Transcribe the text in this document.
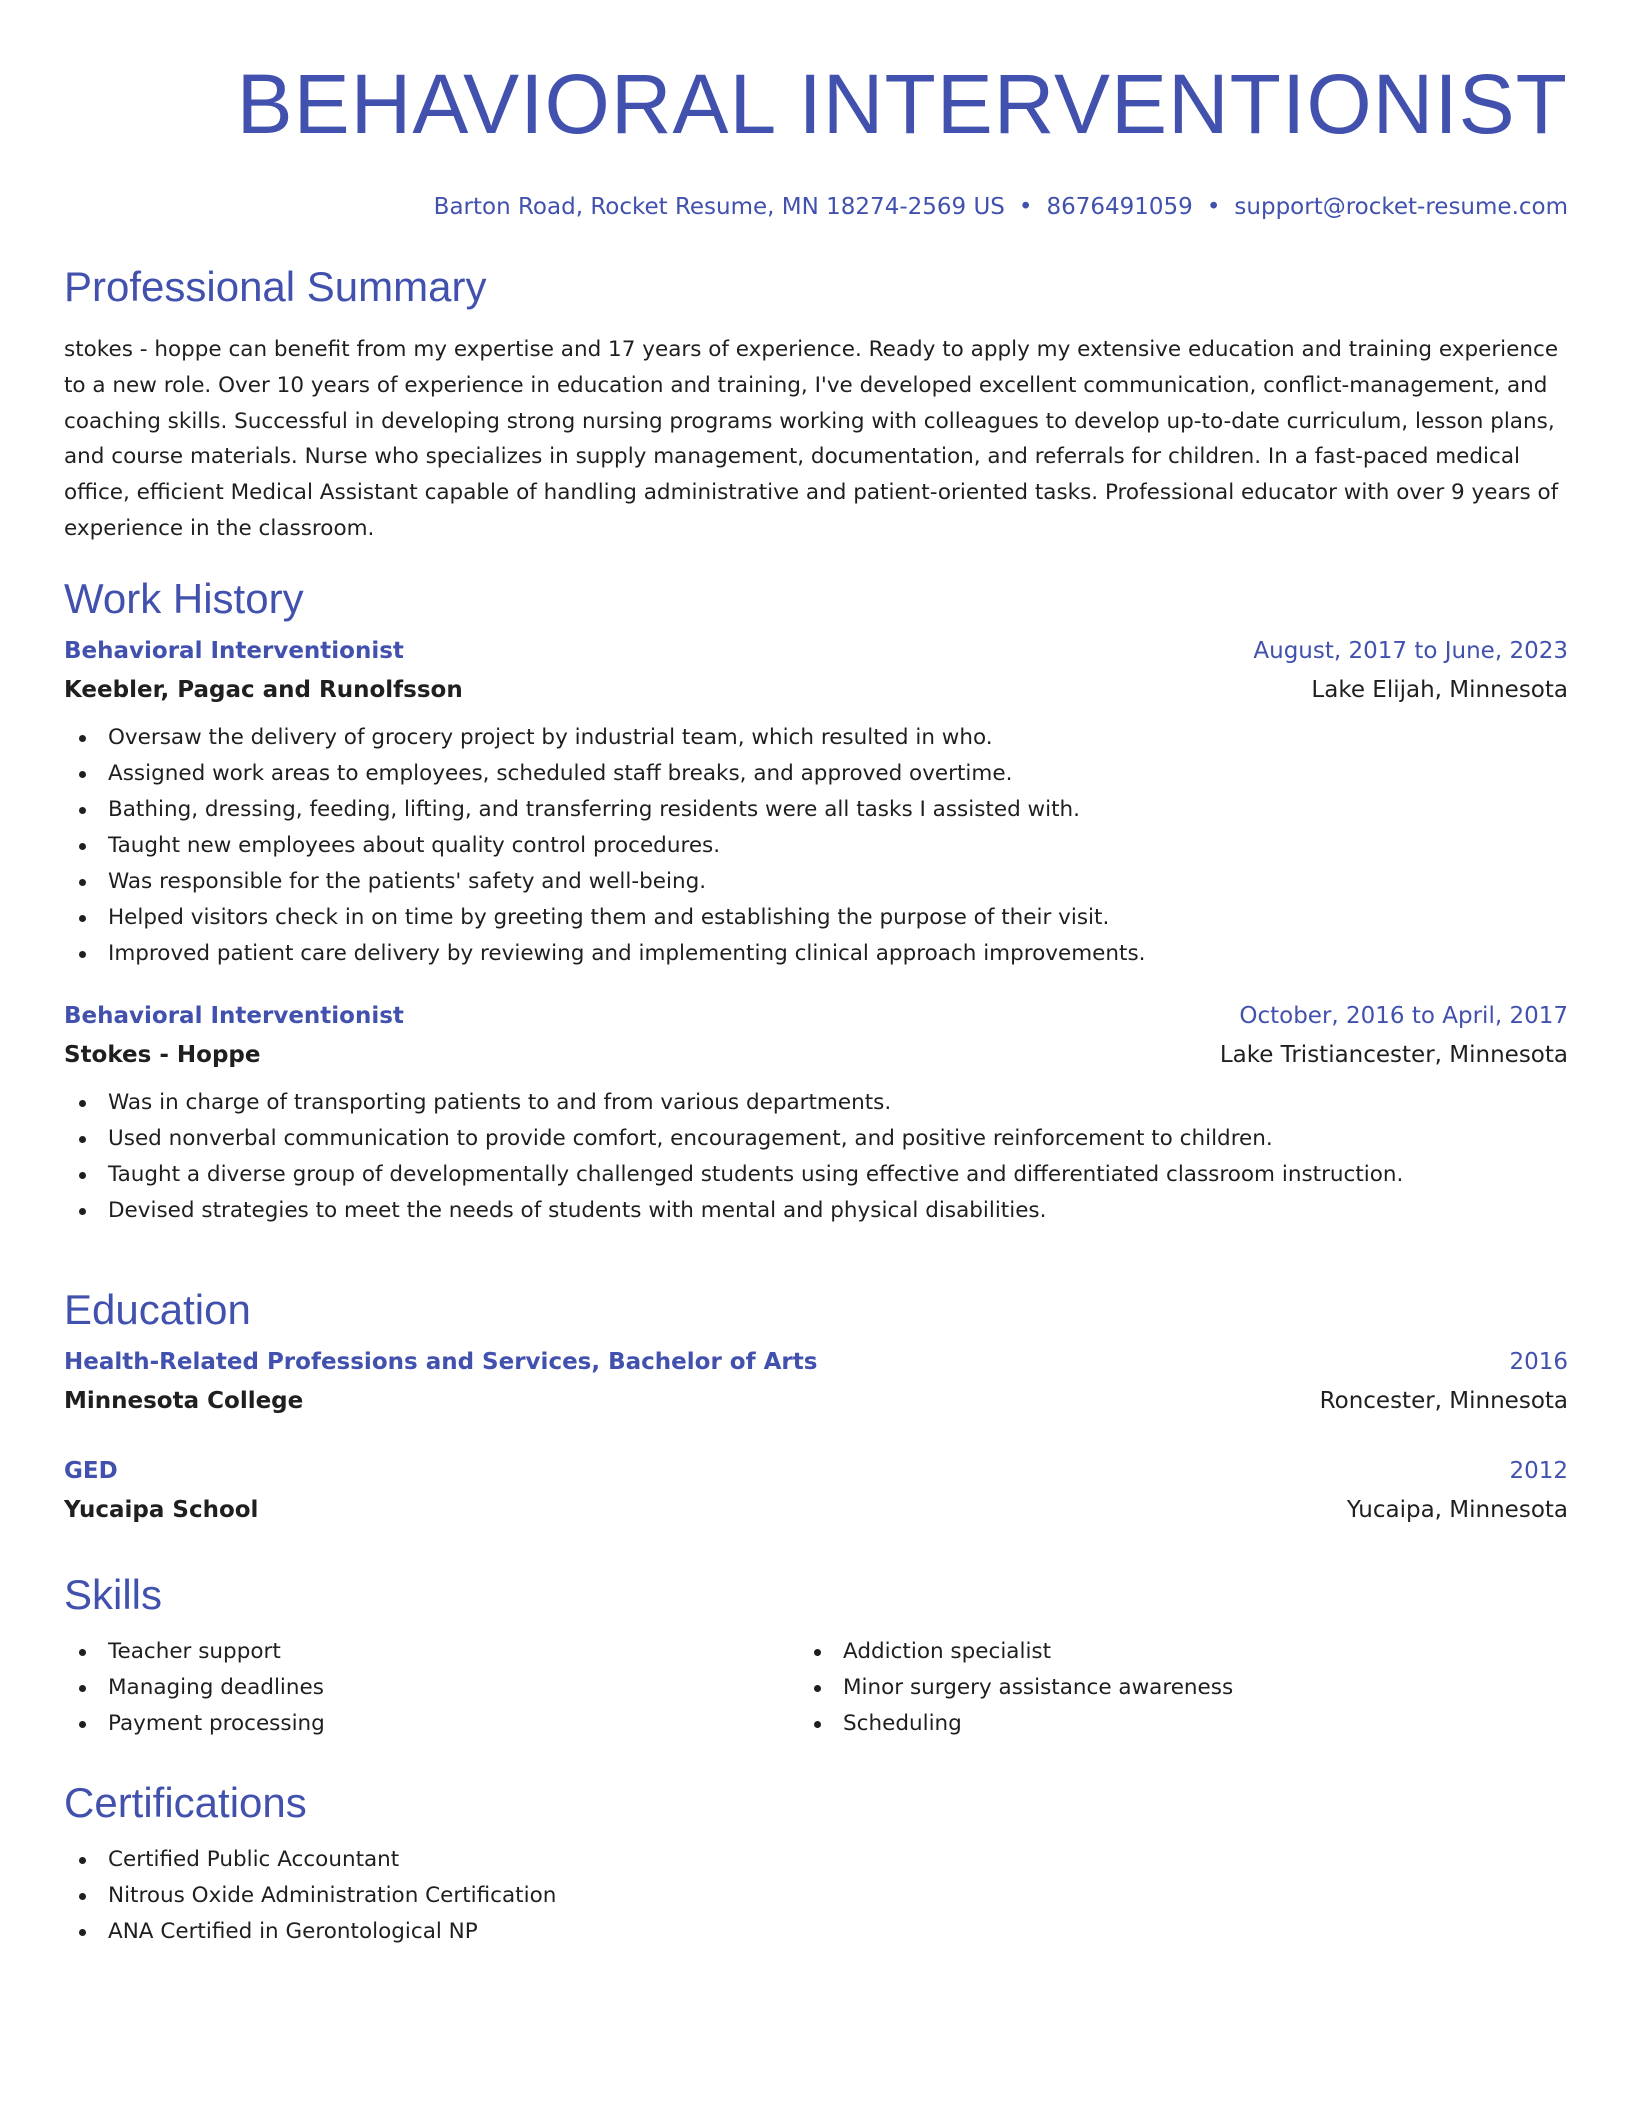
BEHAVIORAL INTERVENTIONIST
Barton Road, Rocket Resume, MN 18274-2569 US • 8676491059 • support@rocket-resume.com
Professional Summary

stokes - hoppe can benefit from my expertise and 17 years of experience. Ready to apply my extensive education and training experience to a new role. Over 10 years of experience in education and training, I've developed excellent communication, conflict-management, and coaching skills. Successful in developing strong nursing programs working with colleagues to develop up-to-date curriculum, lesson plans, and course materials. Nurse who specializes in supply management, documentation, and referrals for children. In a fast-paced medical office, efficient Medical Assistant capable of handling administrative and patient-oriented tasks. Professional educator with over 9 years of experience in the classroom.

Work History
Behavioral Interventionist	August, 2017 to June, 2023
Keebler, Pagac and Runolfsson	Lake Elijah, Minnesota
Oversaw the delivery of grocery project by industrial team, which resulted in who.
Assigned work areas to employees, scheduled staff breaks, and approved overtime.
Bathing, dressing, feeding, lifting, and transferring residents were all tasks I assisted with.
Taught new employees about quality control procedures.
Was responsible for the patients' safety and well-being.
Helped visitors check in on time by greeting them and establishing the purpose of their visit.
Improved patient care delivery by reviewing and implementing clinical approach improvements.
Behavioral Interventionist	October, 2016 to April, 2017
Stokes - Hoppe	Lake Tristiancester, Minnesota
Was in charge of transporting patients to and from various departments.
Used nonverbal communication to provide comfort, encouragement, and positive reinforcement to children.
Taught a diverse group of developmentally challenged students using effective and differentiated classroom instruction.
Devised strategies to meet the needs of students with mental and physical disabilities.
Education
Health-Related Professions and Services, Bachelor of Arts	2016
Minnesota College	Roncester, Minnesota
GED	2012
Yucaipa School	Yucaipa, Minnesota
Skills
Teacher support
Managing deadlines
Payment processing
Addiction specialist
Minor surgery assistance awareness
Scheduling
Certifications
Certified Public Accountant
Nitrous Oxide Administration Certification
ANA Certified in Gerontological NP
